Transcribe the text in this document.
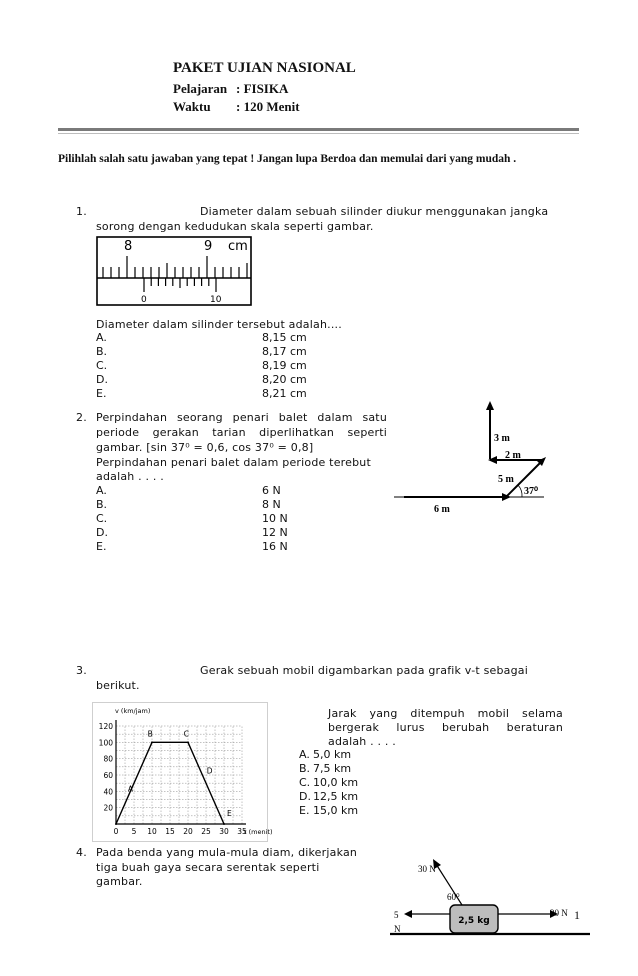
PAKET UJIAN NASIONAL
Pelajaran : FISIKA
Waktu : 120 Menit
Pilihlah salah satu jawaban yang tepat ! Jangan lupa Berdoa dan memulai dari yang mudah .
1.	Diameter dalam sebuah silinder diukur menggunakan jangka
sorong dengan kedudukan skala seperti gambar.
8	9 cm
0	10
Diameter dalam silinder tersebut adalah....
A.	8,15 cm
B.	8,17 cm
C.	8,19 cm
D.	8,20 cm
E.	8,21 cm
2. Perpindahan seorang penari balet dalam satu
periode gerakan tarian diperlihatkan seperti
gambar. [sin 37⁰ = 0,6, cos 37⁰ = 0,8]
Perpindahan penari balet dalam periode terebut
adalah . . . .
A.	6 N
B.	8 N
C.	10 N
D.	12 N
E.	16 N
3 m
2 m
5 m
37⁰
6 m
3.	Gerak sebuah mobil digambarkan pada grafik v-t sebagai
berikut.
0 5 10 15 20 25 30 35
20
40
60
80
100
120
v (km/jam)
t (menit)
A
B	C
D
E
Jarak yang ditempuh mobil selama
bergerak lurus berubah beraturan
adalah . . . .
A. 5,0 km
B. 7,5 km
C. 10,0 km
D. 12,5 km
E. 15,0 km
4. Pada benda yang mula-mula diam, dikerjakan
tiga buah gaya secara serentak seperti
gambar.
2,5 kg
30 N
60⁰
20 N
5
N
1
